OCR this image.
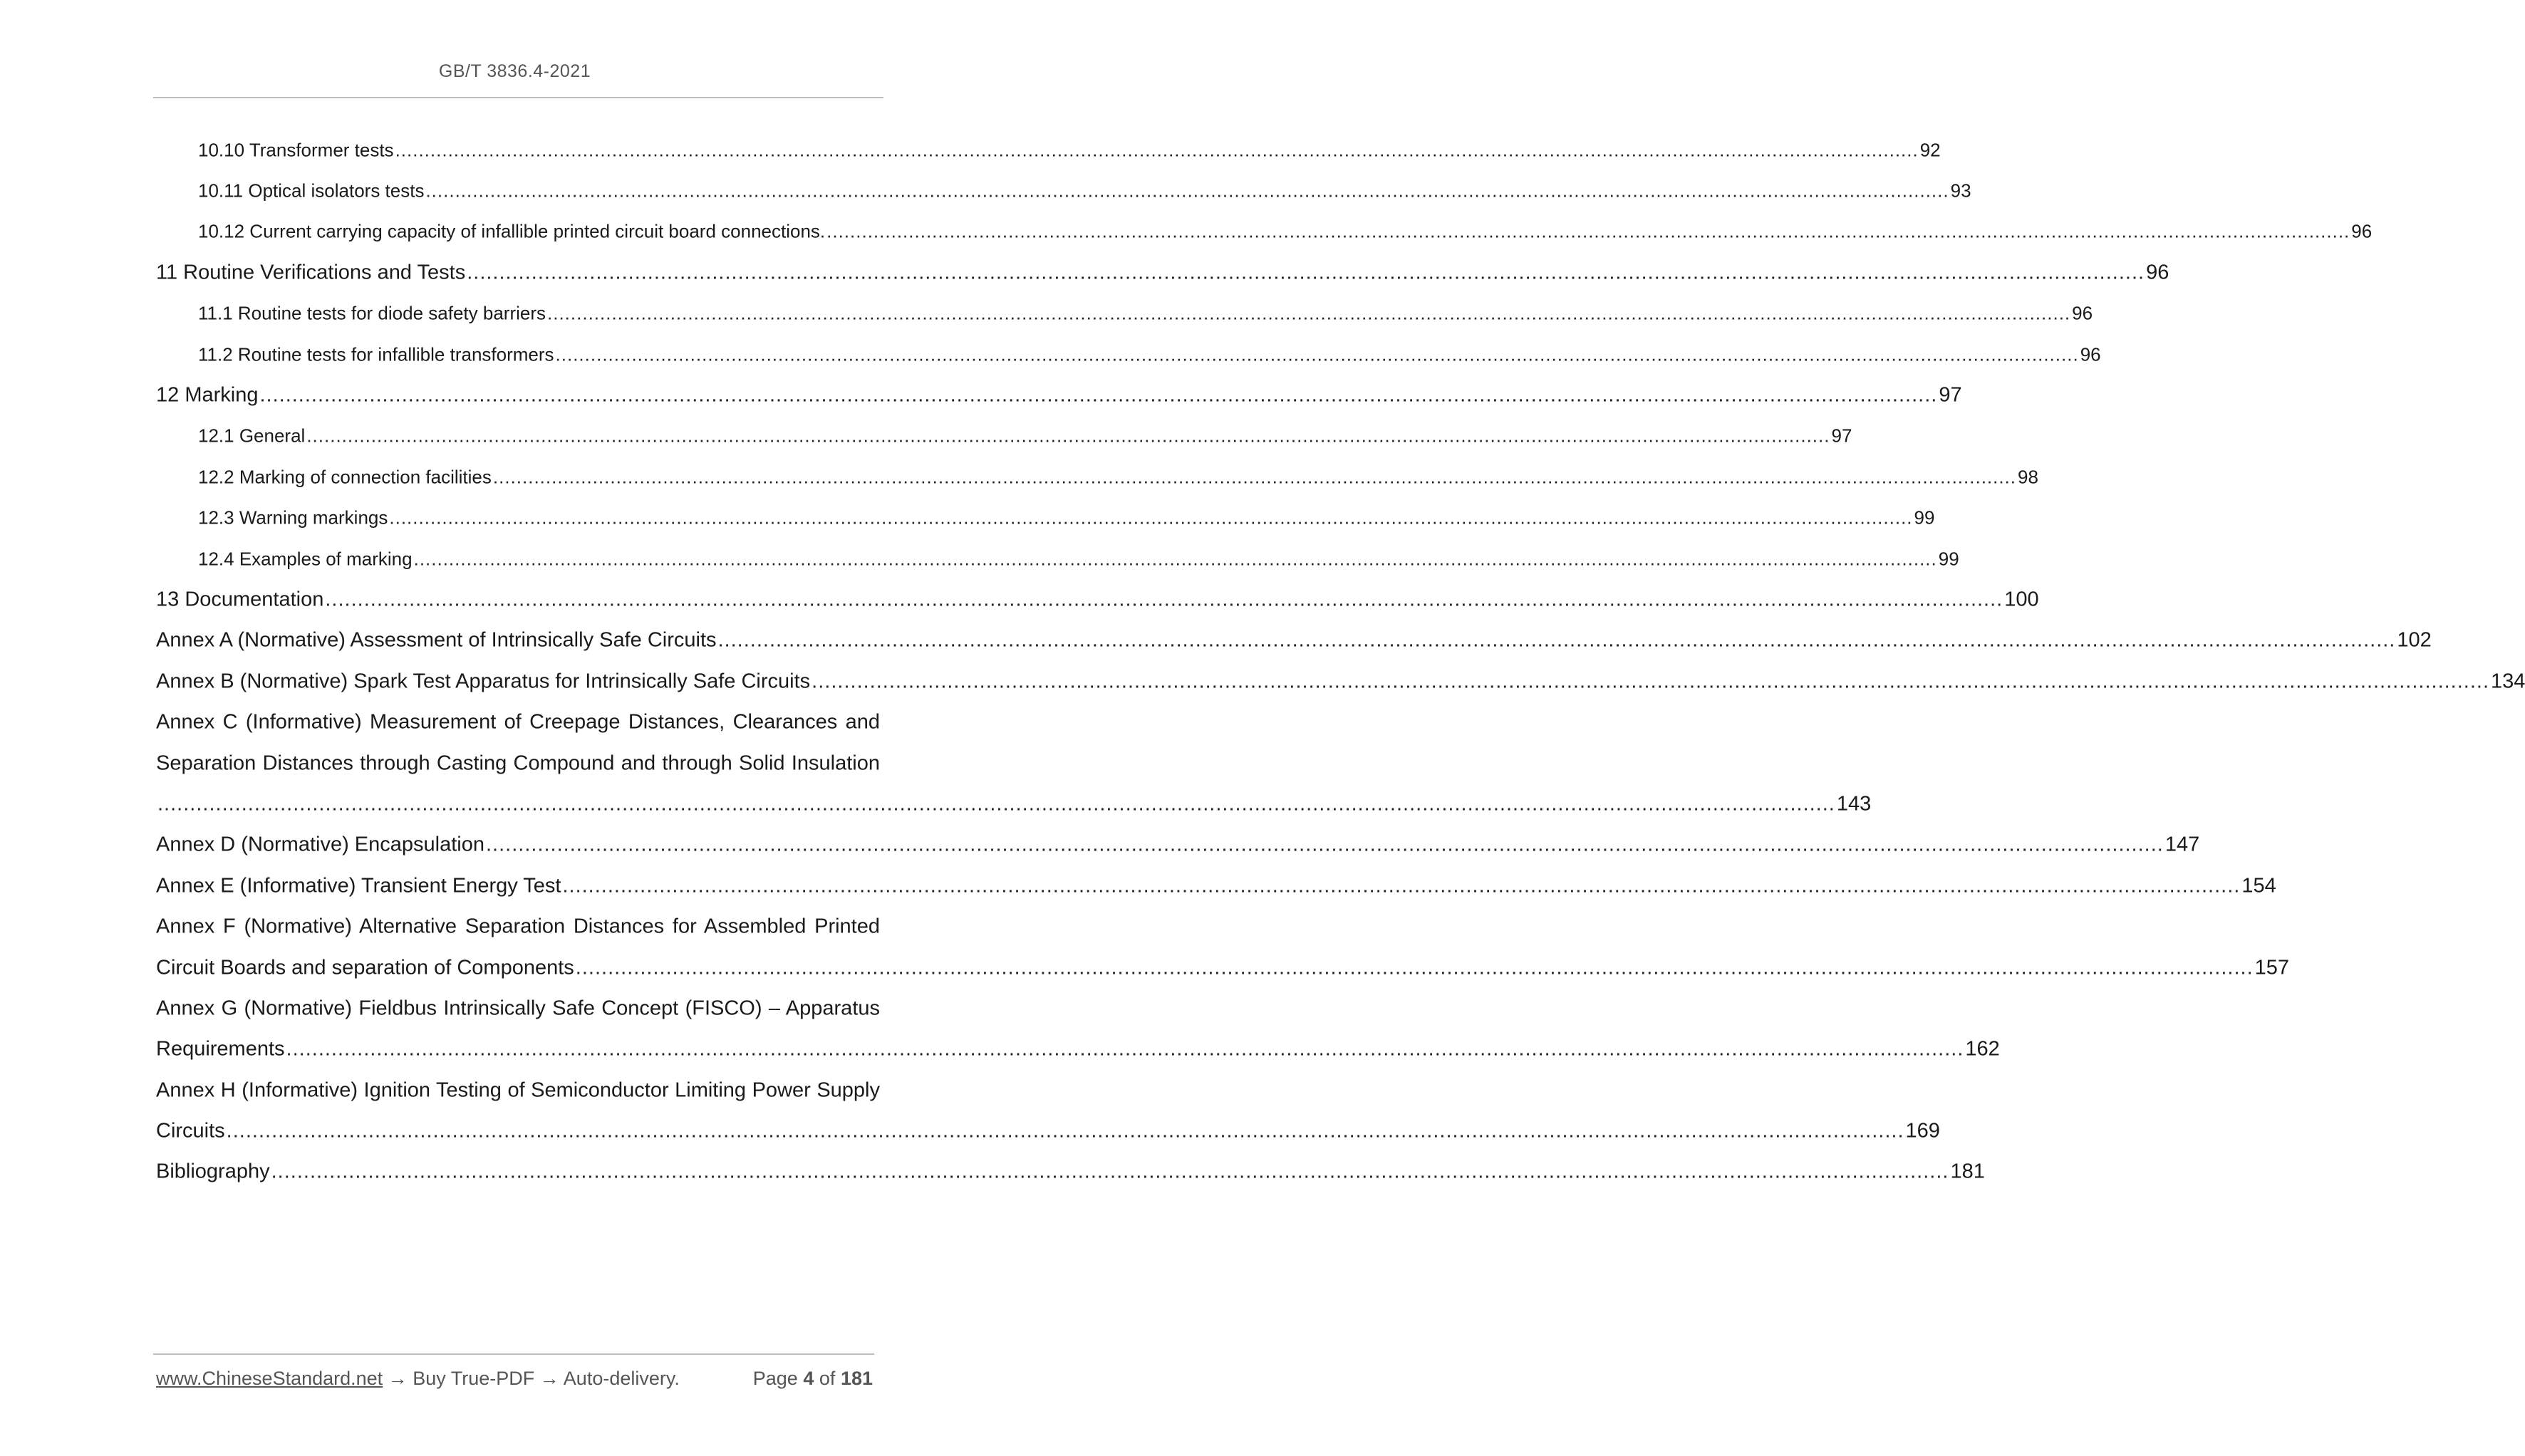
GB/T 3836.4-2021
10.10 Transformer tests .................................................................................................................................................................................................................................................................... 92
10.11 Optical isolators tests .................................................................................................................................................................................................................................................................... 93
10.12 Current carrying capacity of infallible printed circuit board connections. .................................................................................................................................................................................................................................................................... 96
11 Routine Verifications and Tests .................................................................................................................................................................................................................................................................... 96
11.1 Routine tests for diode safety barriers .................................................................................................................................................................................................................................................................... 96
11.2 Routine tests for infallible transformers .................................................................................................................................................................................................................................................................... 96
12 Marking .................................................................................................................................................................................................................................................................... 97
12.1 General .................................................................................................................................................................................................................................................................... 97
12.2 Marking of connection facilities .................................................................................................................................................................................................................................................................... 98
12.3 Warning markings .................................................................................................................................................................................................................................................................... 99
12.4 Examples of marking .................................................................................................................................................................................................................................................................... 99
13 Documentation .................................................................................................................................................................................................................................................................... 100
Annex A (Normative) Assessment of Intrinsically Safe Circuits .................................................................................................................................................................................................................................................................... 102
Annex B (Normative) Spark Test Apparatus for Intrinsically Safe Circuits .................................................................................................................................................................................................................................................................... 134
Annex C (Informative) Measurement of Creepage Distances, Clearances and
Separation Distances through Casting Compound and through Solid Insulation
.................................................................................................................................................................................................................................................................... 143
Annex D (Normative) Encapsulation .................................................................................................................................................................................................................................................................... 147
Annex E (Informative) Transient Energy Test .................................................................................................................................................................................................................................................................... 154
Annex F (Normative) Alternative Separation Distances for Assembled Printed
Circuit Boards and separation of Components .................................................................................................................................................................................................................................................................... 157
Annex G (Normative) Fieldbus Intrinsically Safe Concept (FISCO) – Apparatus
Requirements .................................................................................................................................................................................................................................................................... 162
Annex H (Informative) Ignition Testing of Semiconductor Limiting Power Supply
Circuits .................................................................................................................................................................................................................................................................... 169
Bibliography .................................................................................................................................................................................................................................................................... 181
www.ChineseStandard.net → Buy True-PDF → Auto-delivery.	Page 4 of 181
